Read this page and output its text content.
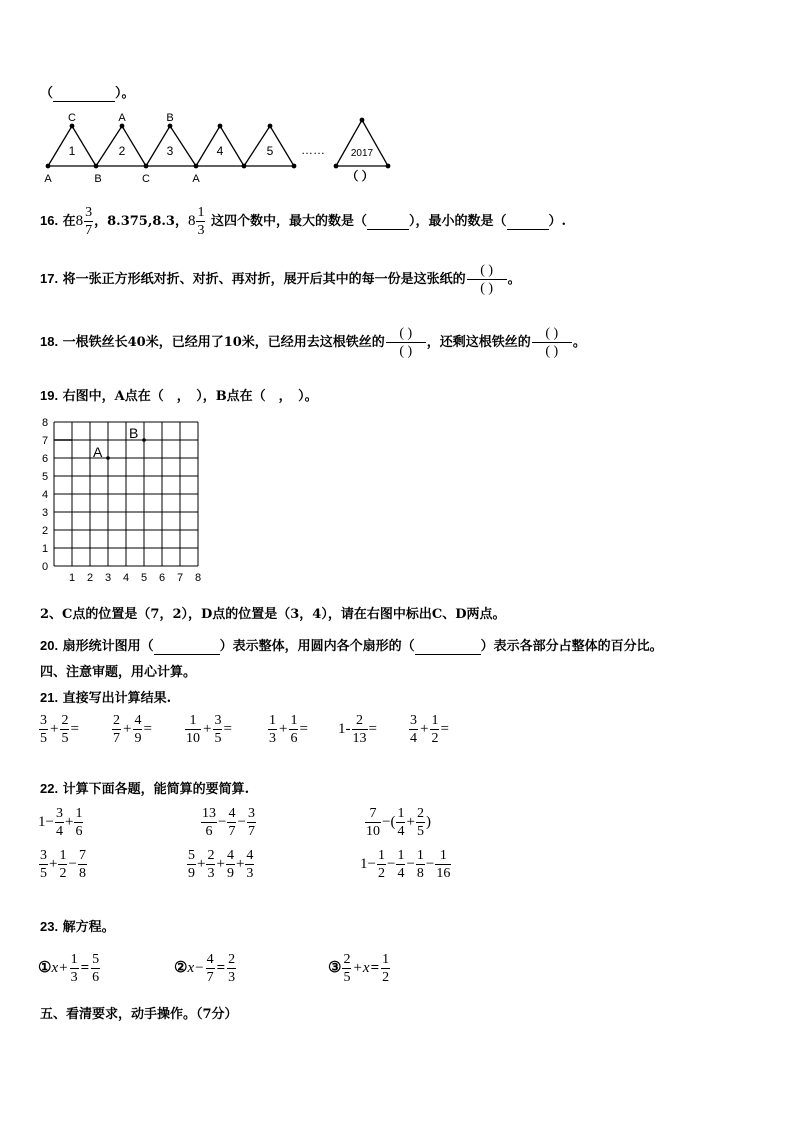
（	）。
1	2	3	4	5	2017
C	A	B
A	B	C	A
……
（ ）
16. 在$8 \frac{3}{7}$ ，8.375,8.3，$8 \frac{1}{3}$ 这四个数中，最大的数是（	），最小的数是（	）.
17. 将一张正方形纸对折、对折、再对折，展开后其中的每一份是这张纸的 $\frac{( )}{( )}$ 。
18. 一根铁丝长40米，已经用了10米，已经用去这根铁丝的 $\frac{( )}{( )}$ ，还剩这根铁丝的 $\frac{( )}{( )}$ 。
19. 右图中，A点在（　，　），B点在（　，　）。
0
1 2 3 4 5 6 7 8
1
2
3
4
5
6
7
8
A
B
2、C点的位置是（7，2），D点的位置是（3，4），请在右图中标出C、D两点。
20. 扇形统计图用（	）表示整体，用圆内各个扇形的（	）表示各部分占整体的百分比。
四、注意审题，用心计算。
21. 直接写出计算结果.
$\frac{3}{5} + \frac{2}{5} = \frac{2}{7} + \frac{4}{9} = \frac{1}{10} + \frac{3}{5}$ =	$\frac{1}{3} + \frac{1}{6} = 1- \frac{2}{13} = \frac{3}{4} + \frac{1}{2}$ =
22. 计算下面各题，能简算的要简算.
$1- \frac{3}{4} + \frac{1}{6}$	$\frac{13}{6} - \frac{4}{7} - \frac{3}{7}$	$\frac{7}{10}$ −( $\frac{1}{4} + \frac{2}{5}$ )
$\frac{3}{5} + \frac{1}{2} - \frac{7}{8}$	$\frac{5}{9} + \frac{2}{3} + \frac{4}{9} + \frac{4}{3}$	$1- \frac{1}{2} - \frac{1}{4} - \frac{1}{8} - \frac{1}{16}$
23. 解方程。
①x+ $\frac{1}{3} = \frac{5}{6}$	②x− $\frac{4}{7} = \frac{2}{3}$	③ $\frac{2}{5} +x= \frac{1}{2}$
五、看清要求，动手操作。（7分）
